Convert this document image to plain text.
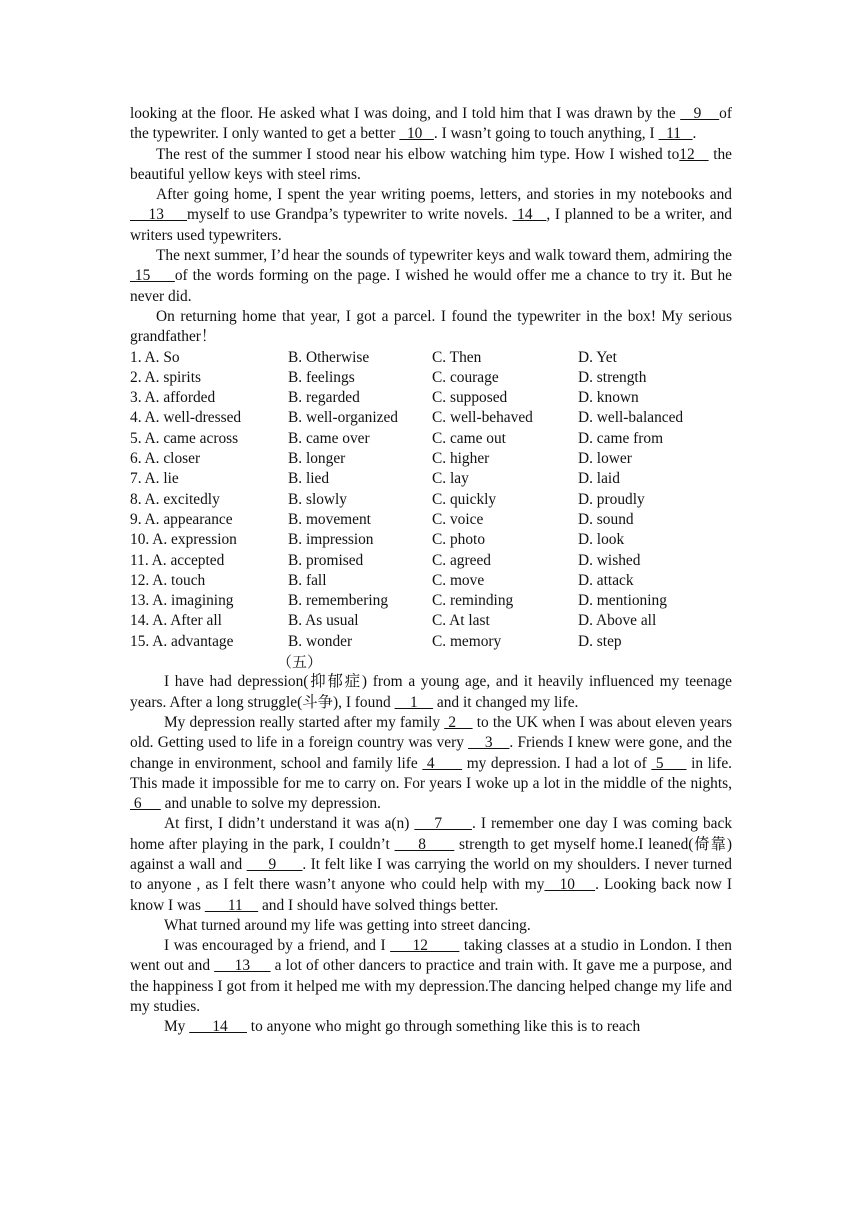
looking at the floor. He asked what I was doing, and I told him that I was drawn by the    9    of the typewriter. I only wanted to get a better   10   . I wasn’t going to touch anything, I   11   .

The rest of the summer I stood near his elbow watching him type. How I wished to12    the beautiful yellow keys with steel rims.

After going home, I spent the year writing poems, letters, and stories in my notebooks and    13     myself to use Grandpa’s typewriter to write novels.  14   , I planned to be a writer, and writers used typewriters.

The next summer, I’d hear the sounds of typewriter keys and walk toward them, admiring the 15     of the words forming on the page. I wished he would offer me a chance to try it. But he never did.

On returning home that year, I got a parcel. I found the typewriter in the box! My serious grandfather！

1. A. So	B. Otherwise	C. Then	D. Yet
2. A. spirits	B. feelings	C. courage	D. strength
3. A. afforded	B. regarded	C. supposed	D. known
4. A. well-dressed	B. well-organized	C. well-behaved	D. well-balanced
5. A. came across	B. came over	C. came out	D. came from
6. A. closer	B. longer	C. higher	D. lower
7. A. lie	B. lied	C. lay	D. laid
8. A. excitedly	B. slowly	C. quickly	D. proudly
9. A. appearance	B. movement	C. voice	D. sound
10. A. expression	B. impression	C. photo	D. look
11. A. accepted	B. promised	C. agreed	D. wished
12. A. touch	B. fall	C. move	D. attack
13. A. imagining	B. remembering	C. reminding	D. mentioning
14. A. After all	B. As usual	C. At last	D. Above all
15. A. advantage	B. wonder	C. memory	D. step

（五）

I have had depression(抑郁症) from a young age, and it heavily influenced my teenage years. After a long struggle(斗争), I found     1     and it changed my life.

My depression really started after my family  2     to the UK when I was about eleven years old. Getting used to life in a foreign country was very     3    . Friends I knew were gone, and the change in environment, school and family life  4       my depression. I had a lot of  5      in life. This made it impossible for me to carry on. For years I woke up a lot in the middle of the nights,  6      and unable to solve my depression.

At first, I didn’t understand it was a(n)     7      . I remember one day I was coming back home after playing in the park, I couldn’t      8       strength to get myself home.I leaned(倚靠) against a wall and      9      . It felt like I was carrying the world on my shoulders. I never turned to anyone , as I felt there wasn’t anyone who could help with my   10    . Looking back now I know I was       11     and I should have solved things better.

What turned around my life was getting into street dancing.

I was encouraged by a friend, and I      12        taking classes at a studio in London. I then went out and      13      a lot of other dancers to practice and train with. It gave me a purpose, and the happiness I got from it helped me with my depression.The dancing helped change my life and my studies.

My       14      to anyone who might go through something like this is to reach
